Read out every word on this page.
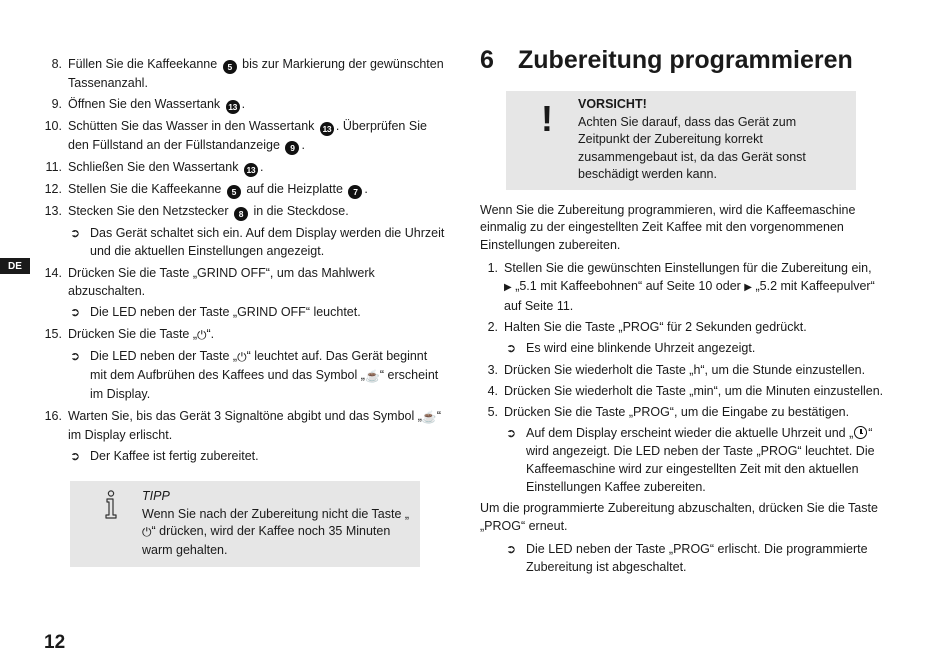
DE
8. Füllen Sie die Kaffeekanne 5 bis zur Markierung der gewünschten Tassenanzahl.
9. Öffnen Sie den Wassertank 13 .
10. Schütten Sie das Wasser in den Wassertank 13 . Überprüfen Sie den Füllstand an der Füllstandanzeige 9 .
11. Schließen Sie den Wassertank 13 .
12. Stellen Sie die Kaffeekanne 5 auf die Heizplatte 7 .
13. Stecken Sie den Netzstecker 8 in die Steckdose.
➲ Das Gerät schaltet sich ein. Auf dem Display werden die Uhrzeit und die aktuellen Einstellungen angezeigt.
14. Drücken Sie die Taste „GRIND OFF“, um das Mahlwerk abzuschalten.
➲ Die LED neben der Taste „GRIND OFF“ leuchtet.
15. Drücken Sie die Taste „⏻“.
➲ Die LED neben der Taste „⏻“ leuchtet auf. Das Gerät beginnt mit dem Aufbrühen des Kaffees und das Symbol „☕“ erscheint im Display.
16. Warten Sie, bis das Gerät 3 Signaltöne abgibt und das Symbol „☕“ im Display erlischt.
➲ Der Kaffee ist fertig zubereitet.
TIPP
Wenn Sie nach der Zubereitung nicht die Taste „⏻“ drücken, wird der Kaffee noch 35 Minuten warm gehalten.
6 Zubereitung programmieren
!	VORSICHT!
Achten Sie darauf, dass das Gerät zum Zeitpunkt der Zubereitung korrekt zusammengebaut ist, da das Gerät sonst beschädigt werden kann.
Wenn Sie die Zubereitung programmieren, wird die Kaffeemaschine einmalig zu der eingestellten Zeit Kaffee mit den vorgenommenen Einstellungen zubereiten.
1. Stellen Sie die gewünschten Einstellungen für die Zubereitung ein,
▶ „5.1 mit Kaffeebohnen“ auf Seite 10 oder ▶ „5.2 mit Kaffeepulver“ auf Seite 11.
2. Halten Sie die Taste „PROG“ für 2 Sekunden gedrückt.
➲ Es wird eine blinkende Uhrzeit angezeigt.
3. Drücken Sie wiederholt die Taste „h“, um die Stunde einzustellen.
4. Drücken Sie wiederholt die Taste „min“, um die Minuten einzustellen.
5. Drücken Sie die Taste „PROG“, um die Eingabe zu bestätigen.
➲ Auf dem Display erscheint wieder die aktuelle Uhrzeit und „ “ wird angezeigt. Die LED neben der Taste „PROG“ leuchtet. Die Kaffeemaschine wird zur eingestellten Zeit mit den aktuellen Einstellungen Kaffee zubereiten.
Um die programmierte Zubereitung abzuschalten, drücken Sie die Taste „PROG“ erneut.
➲ Die LED neben der Taste „PROG“ erlischt. Die programmierte Zubereitung ist abgeschaltet.
12
